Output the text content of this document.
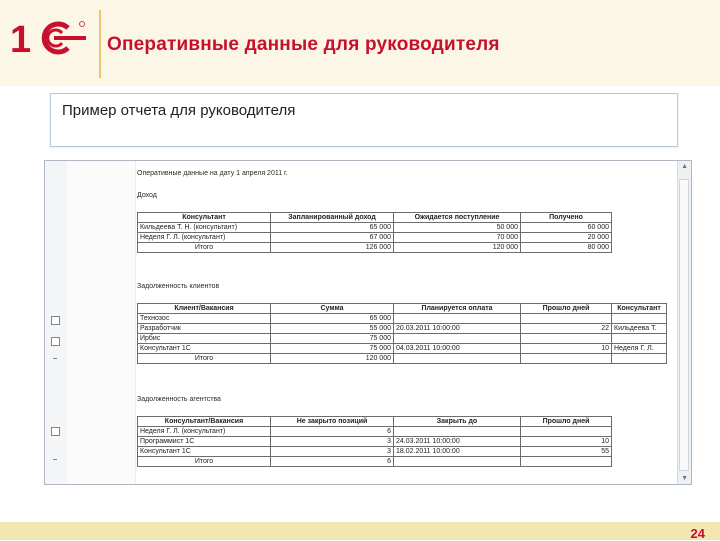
1	Оперативные данные для руководителя
Пример отчета для руководителя
▲
▼
Оперативные данные на дату 1 апреля 2011 г.
Доход
Консультант	Запланированный доход	Ожидается поступление	Получено
Кильдеева Т. Н. (консультант)	65 000	50 000	60 000
Неделя Г. Л. (консультант)	67 000	70 000	20 000
Итого	126 000	120 000	80 000
Задолженность клиентов
Клиент/Вакансия	Сумма	Планируется оплата	Прошло дней	Консультант
Технозос	65 000			
Разработчик	55 000	20.03.2011 10:00:00	22	Кильдеева Т.
Ирбис	75 000			
Консультант 1С	75 000	04.03.2011 10:00:00	10	Неделя Г. Л.
Итого	120 000			
Задолженность агентства
Консультант/Вакансия	Не закрыто позиций	Закрыть до	Прошло дней
Неделя Г. Л. (консультант)	6		
Программист 1С	3	24.03.2011 10:00:00	10
Консультант 1С	3	18.02.2011 10:00:00	55
Итого	6		
24
